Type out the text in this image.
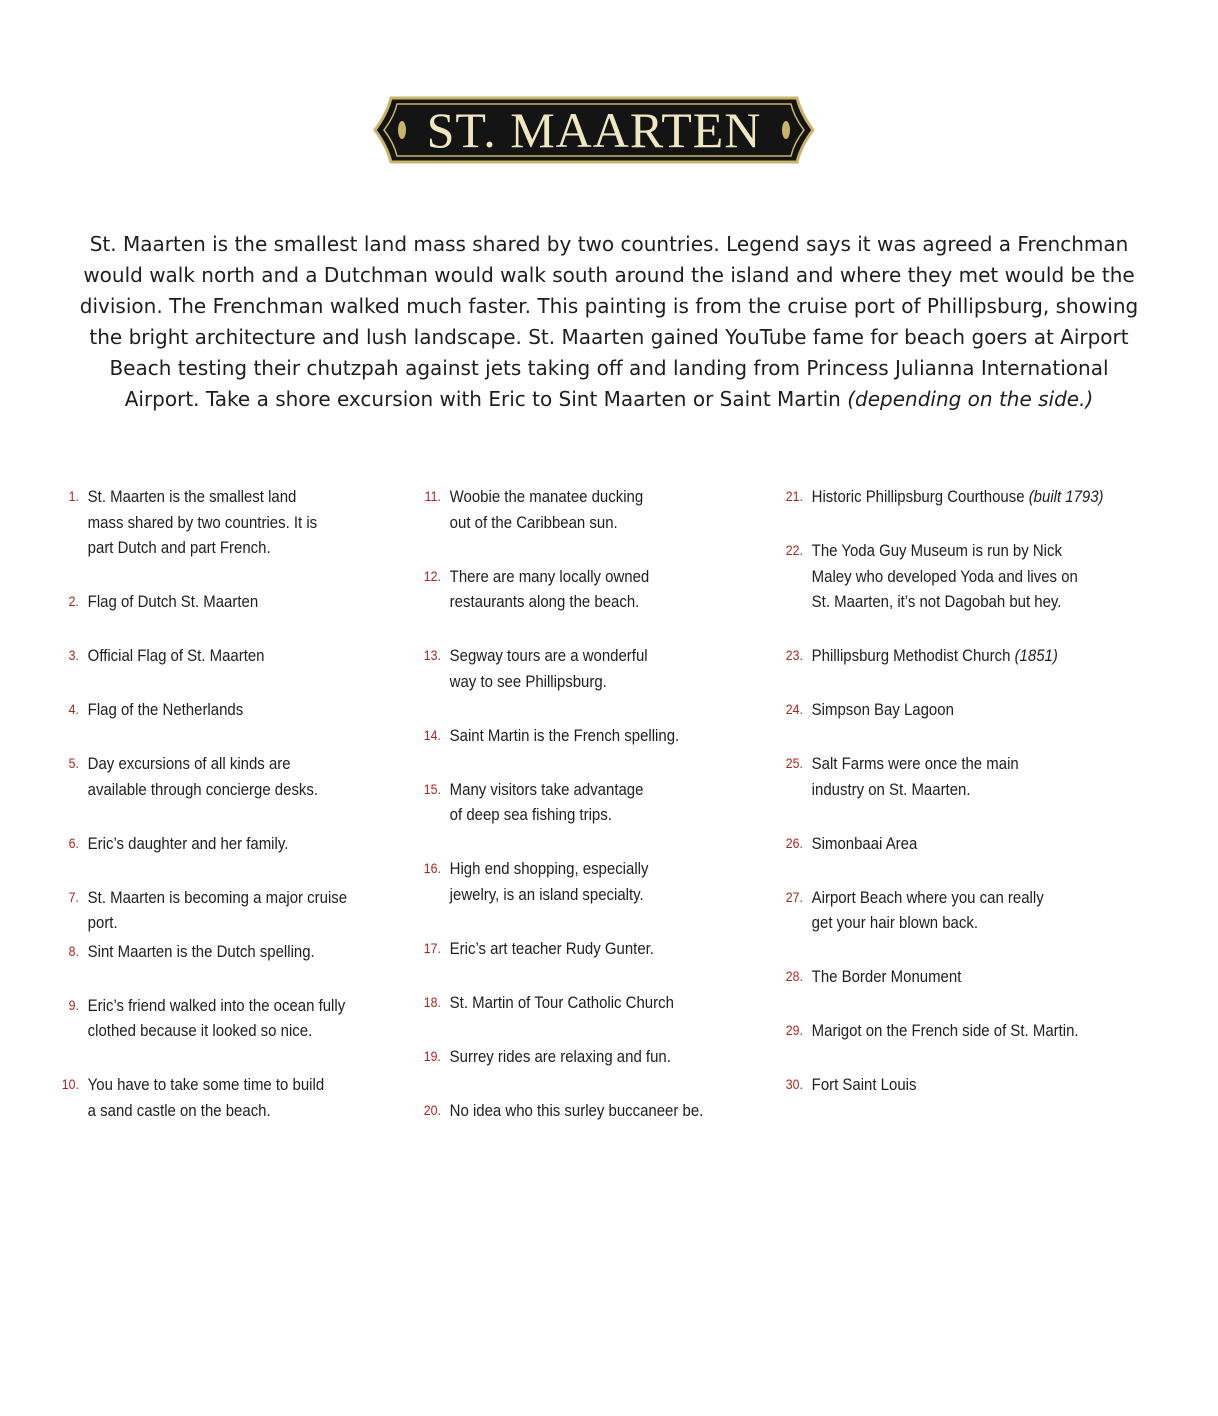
ST. MAARTEN
St. Maarten is the smallest land mass shared by two countries. Legend says it was agreed a Frenchman would walk north and a Dutchman would walk south around the island and where they met would be the division. The Frenchman walked much faster. This painting is from the cruise port of Phillipsburg, showing the bright architecture and lush landscape. St. Maarten gained YouTube fame for beach goers at Airport Beach testing their chutzpah against jets taking off and landing from Princess Julianna International Airport. Take a shore excursion with Eric to Sint Maarten or Saint Martin (depending on the side.)
1. St. Maarten is the smallest land
mass shared by two countries. It is
part Dutch and part French.
2. Flag of Dutch St. Maarten
3. Official Flag of St. Maarten
4. Flag of the Netherlands
5. Day excursions of all kinds are
available through concierge desks.
6. Eric’s daughter and her family.
7. St. Maarten is becoming a major cruise port.
8. Sint Maarten is the Dutch spelling.
9. Eric’s friend walked into the ocean fully
clothed because it looked so nice.
10. You have to take some time to build
a sand castle on the beach.
11. Woobie the manatee ducking
out of the Caribbean sun.
12. There are many locally owned
restaurants along the beach.
13. Segway tours are a wonderful
way to see Phillipsburg.
14. Saint Martin is the French spelling.
15. Many visitors take advantage
of deep sea fishing trips.
16. High end shopping, especially
jewelry, is an island specialty.
17. Eric’s art teacher Rudy Gunter.
18. St. Martin of Tour Catholic Church
19. Surrey rides are relaxing and fun.
20. No idea who this surley buccaneer be.
21. Historic Phillipsburg Courthouse (built 1793)
22. The Yoda Guy Museum is run by Nick
Maley who developed Yoda and lives on
St. Maarten, it’s not Dagobah but hey.
23. Phillipsburg Methodist Church (1851)
24. Simpson Bay Lagoon
25. Salt Farms were once the main
industry on St. Maarten.
26. Simonbaai Area
27. Airport Beach where you can really
get your hair blown back.
28. The Border Monument
29. Marigot on the French side of St. Martin.
30. Fort Saint Louis
